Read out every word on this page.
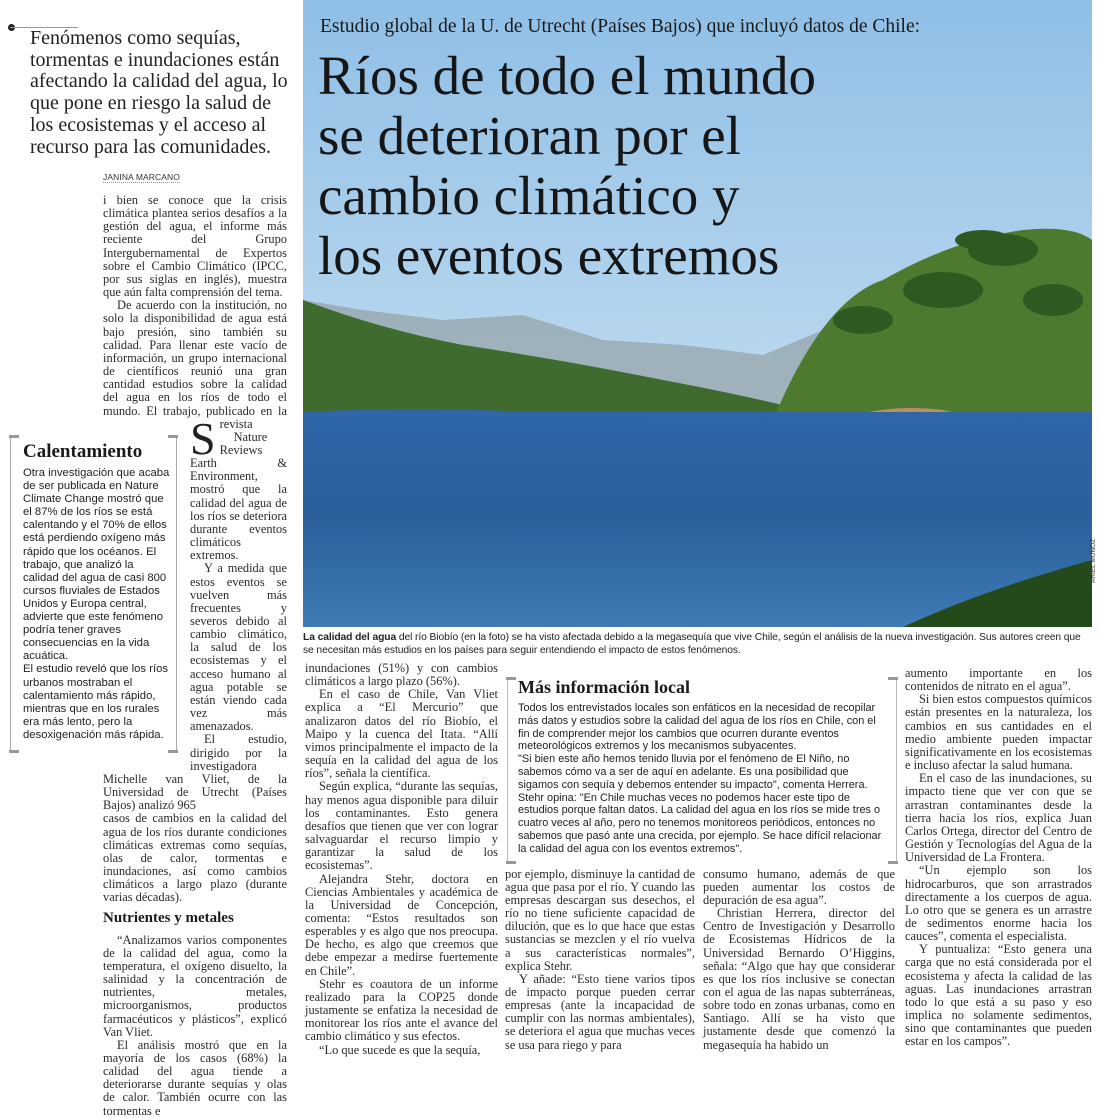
Fenómenos como sequías, tormentas e inundaciones están afectando la calidad del agua, lo que pone en riesgo la salud de los ecosistemas y el acceso al recurso para las comunidades.
JANINA MARCANO
S

i bien se conoce que la crisis climática plantea serios desafíos a la gestión del agua, el informe más reciente del Grupo Intergubernamental de Expertos sobre el Cambio Climático (IPCC, por sus siglas en inglés), muestra que aún falta comprensión del tema.

De acuerdo con la institución, no solo la disponibilidad de agua está bajo presión, sino también su calidad. Para llenar este vacío de información, un grupo internacional de científicos reunió una gran cantidad estudios sobre la calidad del agua en los ríos de todo el mundo. El trabajo, publicado en la revista

Nature Reviews Earth & Environment, mostró que la calidad del agua de los ríos se deteriora durante eventos climáticos extremos.

Y a medida que estos eventos se vuelven más frecuentes y severos debido al cambio climático, la salud de los ecosistemas y el acceso humano al agua potable se están viendo cada vez más amenazados.

El estudio, dirigido por la investigadora Michelle van Vliet, de la Universidad de Utrecht (Países Bajos) analizó 965

casos de cambios en la calidad del agua de los ríos durante condiciones climáticas extremas como sequías, olas de calor, tormentas e inundaciones, así como cambios climáticos a largo plazo (durante varias décadas).

Nutrientes y metales

“Analizamos varios componentes de la calidad del agua, como la temperatura, el oxígeno disuelto, la salinidad y la concentración de nutrientes, metales, microorganismos, productos farmacéuticos y plásticos”, explicó Van Vliet.

El análisis mostró que en la mayoría de los casos (68%) la calidad del agua tiende a deteriorarse durante sequías y olas de calor. También ocurre con las tormentas e

Calentamiento

Otra investigación que acaba de ser publicada en Nature Climate Change mostró que el 87% de los ríos se está calentando y el 70% de ellos está perdiendo oxígeno más rápido que los océanos. El trabajo, que analizó la calidad del agua de casi 800 cursos fluviales de Estados Unidos y Europa central, advierte que este fenómeno podría tener graves consecuencias en la vida acuática.

El estudio reveló que los ríos urbanos mostraban el calentamiento más rápido, mientras que en los rurales era más lento, pero la desoxigenación más rápida.

Estudio global de la U. de Utrecht (Países Bajos) que incluyó datos de Chile:
Ríos de todo el mundo
se deterioran por el
cambio climático y
los eventos extremos
ARIEL MUÑOZ
La calidad del agua del río Biobío (en la foto) se ha visto afectada debido a la megasequía que vive Chile, según el análisis de la nueva investigación. Sus autores creen que se necesitan más estudios en los países para seguir entendiendo el impacto de estos fenómenos.

inundaciones (51%) y con cambios climáticos a largo plazo (56%).

En el caso de Chile, Van Vliet explica a “El Mercurio” que analizaron datos del río Biobío, el Maipo y la cuenca del Itata. “Allí vimos principalmente el impacto de la sequía en la calidad del agua de los ríos”, señala la científica.

Según explica, “durante las sequías, hay menos agua disponible para diluir los contaminantes. Esto genera desafíos que tienen que ver con lograr salvaguardar el recurso limpio y garantizar la salud de los ecosistemas”.

Alejandra Stehr, doctora en Ciencias Ambientales y académica de la Universidad de Concepción, comenta: “Estos resultados son esperables y es algo que nos preocupa. De hecho, es algo que creemos que debe empezar a medirse fuertemente en Chile”.

Stehr es coautora de un informe realizado para la COP25 donde justamente se enfatiza la necesidad de monitorear los ríos ante el avance del cambio climático y sus efectos.

“Lo que sucede es que la sequía,

Más información local

Todos los entrevistados locales son enfáticos en la necesidad de recopilar más datos y estudios sobre la calidad del agua de los ríos en Chile, con el fin de comprender mejor los cambios que ocurren durante eventos meteorológicos extremos y los mecanismos subyacentes.

"Si bien este año hemos tenido lluvia por el fenómeno de El Niño, no sabemos cómo va a ser de aquí en adelante. Es una posibilidad que sigamos con sequía y debemos entender su impacto", comenta Herrera.

Stehr opina: "En Chile muchas veces no podemos hacer este tipo de estudios porque faltan datos. La calidad del agua en los ríos se mide tres o cuatro veces al año, pero no tenemos monitoreos periódicos, entonces no sabemos que pasó ante una crecida, por ejemplo. Se hace difícil relacionar la calidad del agua con los eventos extremos".

por ejemplo, disminuye la cantidad de agua que pasa por el río. Y cuando las empresas descargan sus desechos, el río no tiene suficiente capacidad de dilución, que es lo que hace que estas sustancias se mezclen y el río vuelva a sus características normales”, explica Stehr.

Y añade: “Esto tiene varios tipos de impacto porque pueden cerrar empresas (ante la incapacidad de cumplir con las normas ambientales), se deteriora el agua que muchas veces se usa para riego y para

consumo humano, además de que pueden aumentar los costos de depuración de esa agua”.

Christian Herrera, director del Centro de Investigación y Desarrollo de Ecosistemas Hídricos de la Universidad Bernardo O’Higgins, señala: “Algo que hay que considerar es que los ríos inclusive se conectan con el agua de las napas subterráneas, sobre todo en zonas urbanas, como en Santiago. Allí se ha visto que justamente desde que comenzó la megasequía ha habido un

aumento importante en los contenidos de nitrato en el agua”.

Si bien estos compuestos químicos están presentes en la naturaleza, los cambios en sus cantidades en el medio ambiente pueden impactar significativamente en los ecosistemas e incluso afectar la salud humana.

En el caso de las inundaciones, su impacto tiene que ver con que se arrastran contaminantes desde la tierra hacia los ríos, explica Juan Carlos Ortega, director del Centro de Gestión y Tecnologías del Agua de la Universidad de La Frontera.

“Un ejemplo son los hidrocarburos, que son arrastrados directamente a los cuerpos de agua. Lo otro que se genera es un arrastre de sedimentos enorme hacia los cauces”, comenta el especialista.

Y puntualiza: “Esto genera una carga que no está considerada por el ecosistema y afecta la calidad de las aguas. Las inundaciones arrastran todo lo que está a su paso y eso implica no solamente sedimentos, sino que contaminantes que pueden estar en los campos”.
